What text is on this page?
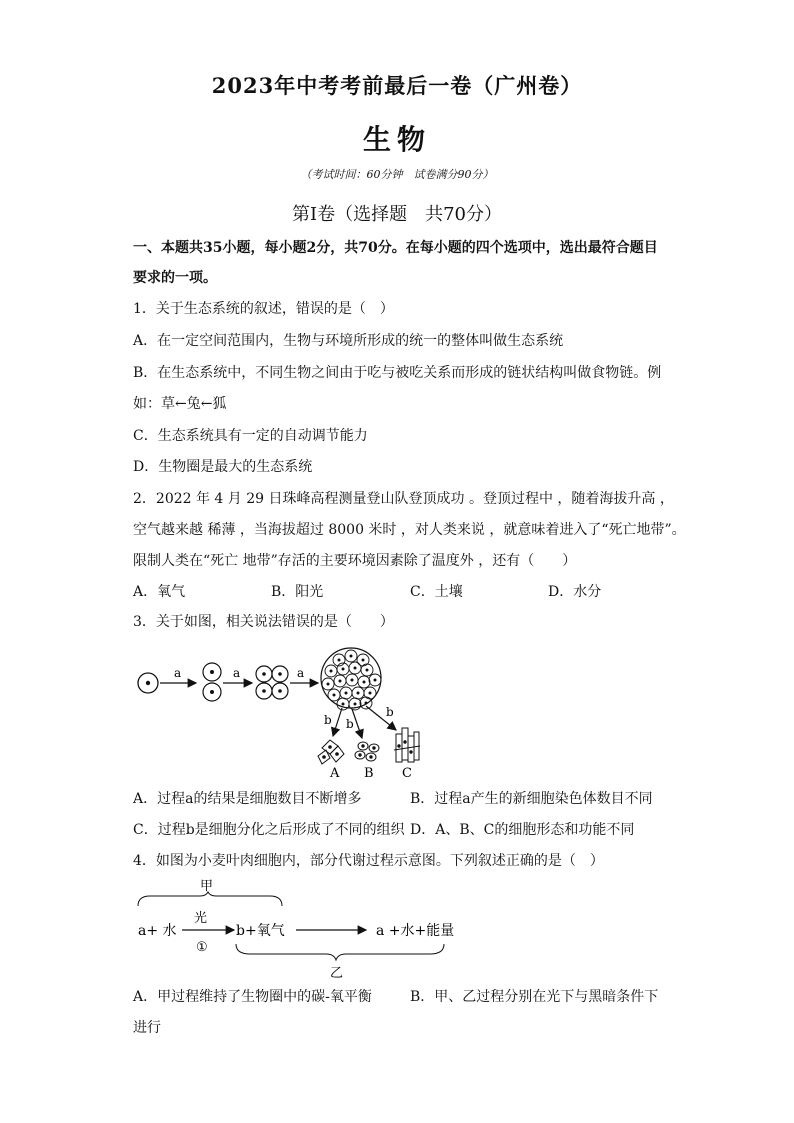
2023年中考考前最后一卷（广州卷）
生物
（考试时间：60分钟　试卷满分90分）
第Ⅰ卷（选择题　共70分）
一、本题共35小题，每小题2分，共70分。在每小题的四个选项中，选出最符合题目
要求的一项。
1．关于生态系统的叙述，错误的是（　）
A．在一定空间范围内，生物与环境所形成的统一的整体叫做生态系统
B．在生态系统中，不同生物之间由于吃与被吃关系而形成的链状结构叫做食物链。例
如：草←兔←狐
C．生态系统具有一定的自动调节能力
D．生物圈是最大的生态系统
2．2022 年 4 月 29 日珠峰高程测量登山队登顶成功 。登顶过程中 ，随着海拔升高 ，
空气越来越 稀薄 ，当海拔超过 8000 米时 ，对人类来说 ，就意味着进入了“死亡地带”。
限制人类在“死亡 地带”存活的主要环境因素除了温度外 ，还有（　　）
A．氧气	B．阳光	C．土壤	D．水分
3．关于如图，相关说法错误的是（　　）
a	a	a
b b
b
A B C
A．过程a的结果是细胞数目不断增多	B．过程a产生的新细胞染色体数目不同
C．过程b是细胞分化之后形成了不同的组织 D．A、B、C的细胞形态和功能不同
4．如图为小麦叶肉细胞内，部分代谢过程示意图。下列叙述正确的是（　）
甲
a+ 水
光
①
b+氧气	a +水+能量
乙
A．甲过程维持了生物圈中的碳-氧平衡	B．甲、乙过程分别在光下与黑暗条件下
进行
